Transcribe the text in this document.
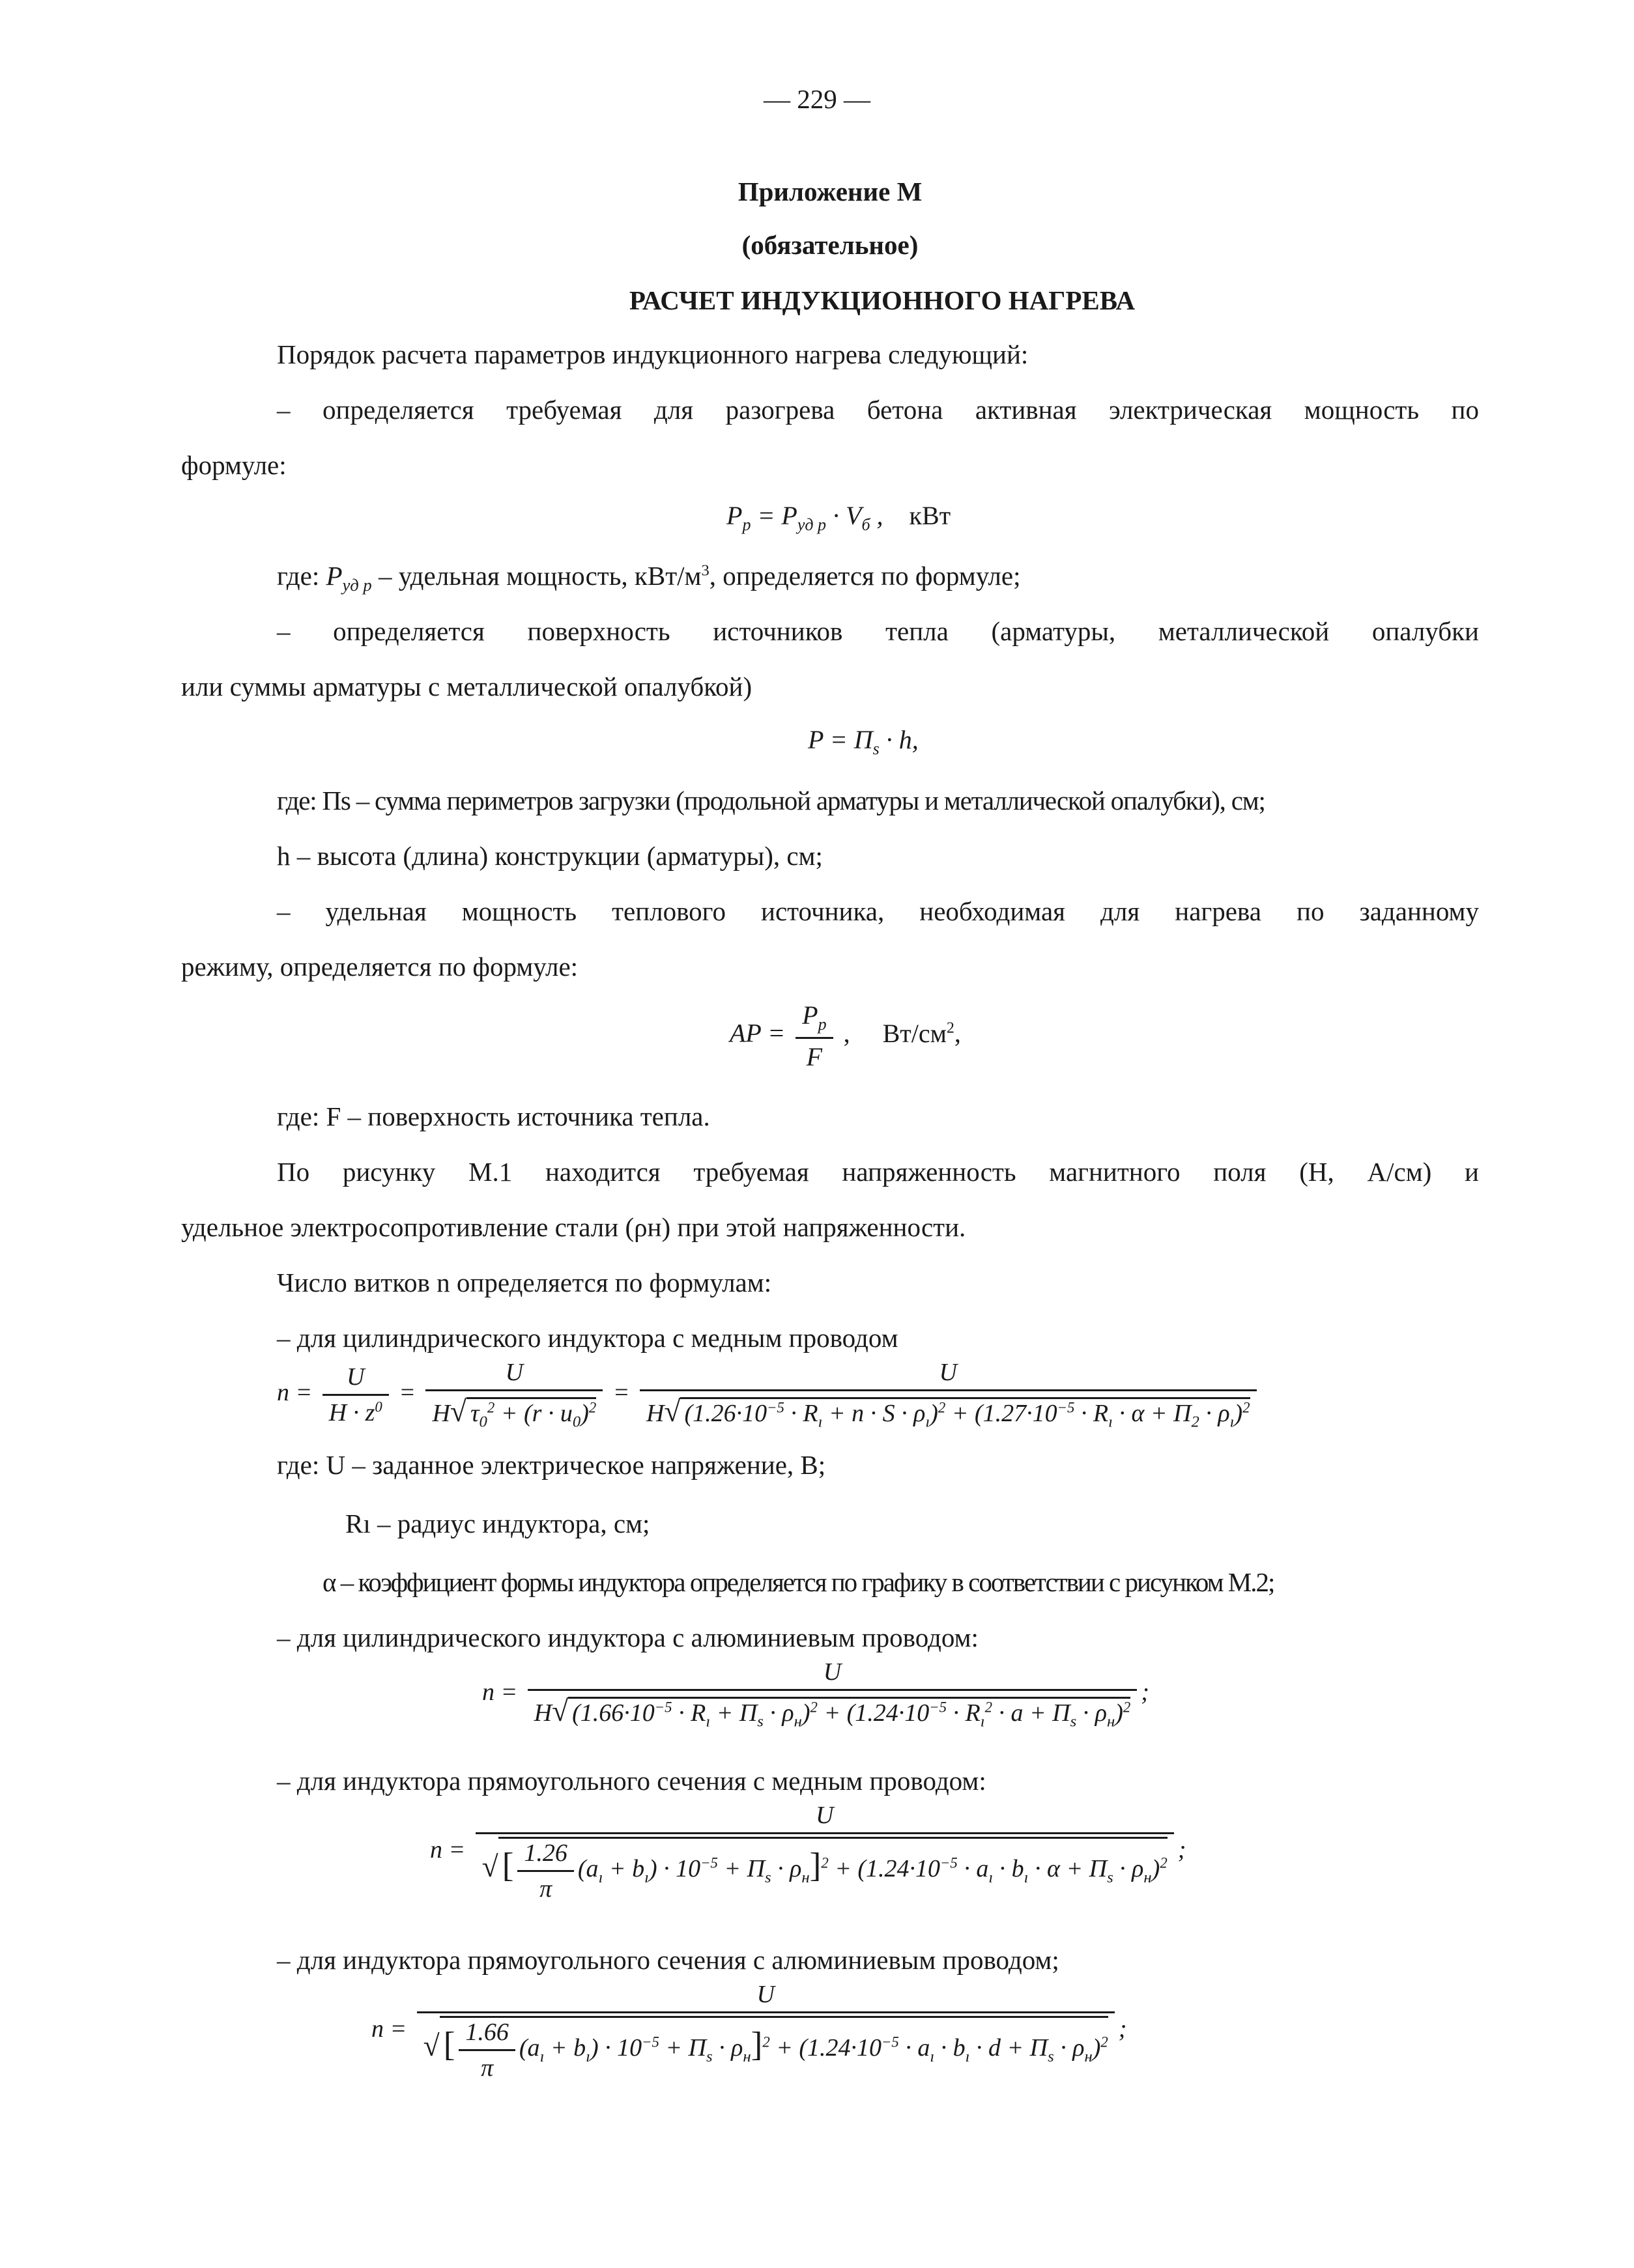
— 229 —
Приложение М
(обязательное)
РАСЧЕТ ИНДУКЦИОННОГО НАГРЕВА
Порядок расчета параметров индукционного нагрева следующий:
– определяется требуемая для разогрева бетона активная электрическая мощность по
формуле:
$P_p = P_{уд p} \cdot V_б$ , кВт
где: $P_{уд p}$ – удельная мощность, кВт/$м^3$, определяется по формуле;
– определяется поверхность источников тепла (арматуры, металлической опалубки
или суммы арматуры с металлической опалубкой)
$P = П_s \cdot h$,
где: Пs – сумма периметров загрузки (продольной арматуры и металлической опалубки), см;
h – высота (длина) конструкции (арматуры), см;
– удельная мощность теплового источника, необходимая для нагрева по заданному
режиму, определяется по формуле:
AP = $\frac{P_p}{F}$ , $Вт/см^2$,
где: F – поверхность источника тепла.
По рисунку М.1 находится требуемая напряженность магнитного поля (H, А/см) и
удельное электросопротивление стали (ρн) при этой напряженности.
Число витков n определяется по формулам:
– для цилиндрического индуктора с медным проводом
$n = \frac{U}{H \cdot z^0} = \frac{U}{H√ \tau_0^2 + (r \cdot u_0)^2}$ =
U
H√ $(1.26\cdot 10^{-5} \cdot R_ı + n \cdot S \cdot \rho_ı)^2 + (1.27\cdot 10^{-5} \cdot R_ı \cdot \alpha + П_2 \cdot \rho_ı)^2$
где: U – заданное электрическое напряжение, B;
Rı – радиус индуктора, см;
α – коэффициент формы индуктора определяется по графику в соответствии с рисунком М.2;
– для цилиндрического индуктора с алюминиевым проводом:
n =
U
H√ $(1.66\cdot 10^{-5} \cdot R_ı + П_s \cdot \rho_н)^2 + (1.24\cdot 10^{-5} \cdot R_ı^2 \cdot a + П_s \cdot \rho_н)^2$
;
– для индуктора прямоугольного сечения с медным проводом:
n =
U
√ [ $\frac{1.26}{\pi} (a_ı + b_ı) \cdot 10^{-5} + П_s \cdot \rho_н]^2 + (1.24\cdot 10^{-5} \cdot a_ı \cdot b_ı \cdot \alpha + П_s \cdot \rho_н)^2$ ;
– для индуктора прямоугольного сечения с алюминиевым проводом;
n =
U
√ [ $\frac{1.66}{\pi} (a_ı + b_ı) \cdot 10^{-5} + П_s \cdot \rho_н]^2 + (1.24\cdot 10^{-5} \cdot a_ı \cdot b_ı \cdot d + П_s \cdot \rho_н)^2$ ;
